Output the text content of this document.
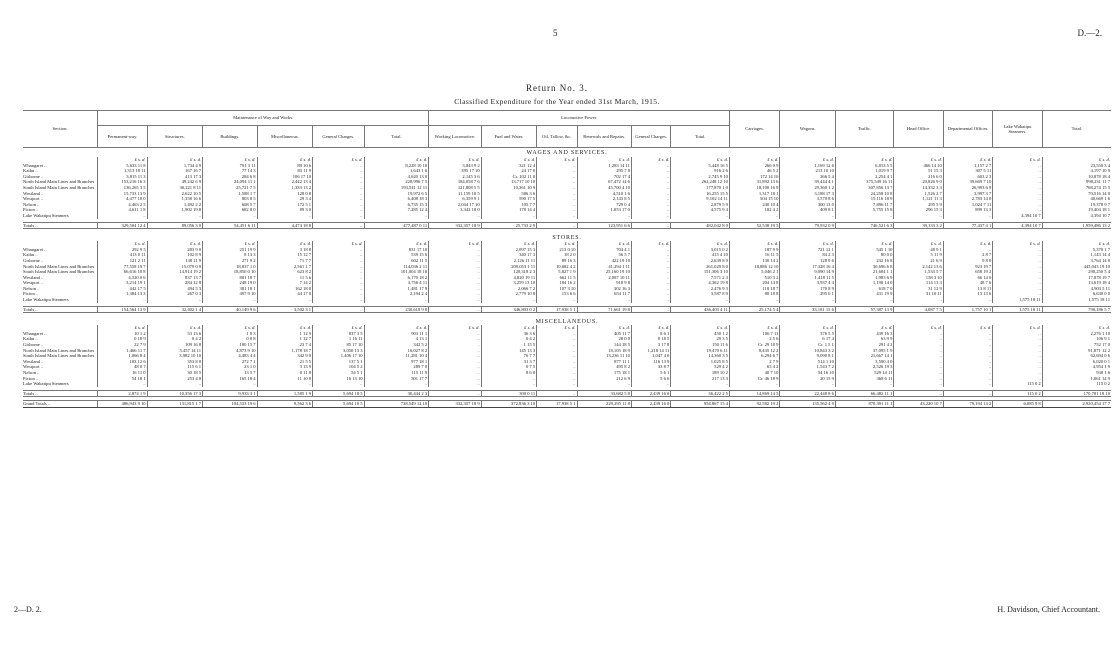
5	D.—2.
Return No. 3.
Classified Expenditure for the Year ended 31st March, 1915.
Section.	Maintenance of Way and Works.						Locomotive Power.						Carriages.	Wagons.	Traffic.	Head Office.	Departmental Offices.	Lake Wakatipu Steamers.	Total.
	Permanent-way.	Structures.	Buildings.	Miscellaneous.	General Charges.	Total.	Working Locomotive.	Fuel and Water.	Oil, Tallow, &c.	Renewals and Repairs.	General Charges.	Total.							
WAGES AND SERVICES.																			
	£ s. d.	£ s. d.	£ s. d.	£ s. d.	£ s. d.	£ s. d.	£ s. d.	£ s. d.	£ s. d.	£ s. d.	£ s. d.	£ s. d.	£ s. d.	£ s. d.	£ s. d.	£ s. d.	£ s. d.	£ s. d.	£ s. d.
Whangarei ..	5,633 11 8	1,734 4 9	791 3 11	89 10 6	..	8,228 10 10	3,843 9 2	321 12 4	..	1,283 14 11	..	5,448 16 5	266 0 9	1,169 12 6	6,813 5 5	466 14 10	1,157 2 7	..	23,550 3 4
Kaihu ..	1,313 18 11	167 16 7	77 14 3	83 11 9	..	1,643 1 6	395 17 10	24 17 0	..	295 7 8	..	916 2 6	46 5 2	213 10 10	1,019 9 7	51 15 3	307 5 11	..	4,197 10 9
Gisborne ..	3,815 11 3	413 17 3	284 6 8	106 17 10	..	4,620 13 0	2,145 3 6	Cr. 102 11 0	..	702 17 4	..	2,745 9 10	172 14 10	266 5 4	2,254 4 1	216 6 0	603 2 3	..	10,878 18 4
North Island Main Lines and Branches	153,216 16 3	49,242 6 9	24,094 11 1	2,442 13 4	..	228,996 7 5	184,058 7 6	13,717 10 10	..	67,472 14 6	..	262,248 12 10	31,892 13 6	39,444 4 1	375,549 16 11	20,826 9 0	39,669 7 10	..	998,231 11 7
South Island Main Lines and Branches	136,265 3 5	30,221 8 11	25,721 7 5	1,333 13 2	..	193,541 12 11	121,808 5 5	10,361 10 9	..	45,700 4 10	..	177,870 1 0	18,100 16 9	29,360 1 2	307,856 13 7	14,332 3 3	26,993 6 9	..	768,274 15 5
Westland ..	15,733 13 9	2,622 10 5	1,588 1 7	128 0 8	..	19,972 6 5	11,159 10 5	586 3 6	..	4,510 1 6	..	16,255 15 5	1,317 18 1	3,188 17 3	24,258 10 8	1,526 2 7	3,997 3 7	..	70,516 14 0
Westport ..	4,477 10 0	1,358 16 6	803 8 5	29 3 4	..	6,408 18 3	6,359 9 1	590 17 5	..	2,143 8 5	..	9,102 14 11	504 15 10	3,570 8 6	15,116 18 9	1,121 11 3	2,783 14 0	..	40,669 1 6
Nelson ..	4,463 2 5	1,492 2 2	608 5 7	172 5 1	..	6,735 15 3	2,044 17 10	105 7 7	..	729 0 4	..	2,879 5 9	240 10 4	300 13 0	7,896 11 7	295 5 9	1,024 7 11	..	19,378 9 7
Picton ..	4,611 1 8	1,902 19 8	682 8 0	89 3 0	..	7,285 12 4	3,342 18 0	178 14 4	..	1,053 17 0	..	4,575 9 4	182 4 2	409 8 1	5,755 15 8	296 15 3	899 13 3	..	19,404 18 1
Lake Wakatipu Steamers	..	..	..	..	..	..	..	..	..	..	..	..	..	..	..	..	..	4,394 10 7	4,394 10 7

Totals ..	329,504 12 4	89,056 3 0	54,451 6 11	4,474 18 8	..	477,487 0 11	332,357 18 9	25,733 2 9	..	123,951 6 6	..	482,042 8 0	52,538 19 5	79,932 0 9	746,521 6 3	39,133 3 2	77,437 4 1	4,394 10 7	1,959,486 13 2

STORES.																			
	£ s. d.	£ s. d.	£ s. d.	£ s. d.	£ s. d.	£ s. d.	£ s. d.	£ s. d.	£ s. d.	£ s. d.	£ s. d.	£ s. d.	£ s. d.	£ s. d.	£ s. d.	£ s. d.	£ s. d.	£ s. d.	£ s. d.
Whangarei ..	292 9 5	283 9 0	251 19 9	3 18 8	..	831 17 10	..	2,097 15 3	213 0 10	704 4 1	..	3,015 0 2	187 9 9	721 12 1	545 1 10	48 9 1	..	..	5,370 1 7
Kaihu ..	413 0 11	102 8 9	8 13 3	15 12 7	..	539 15 6	..	340 17 3	18 2 0	56 5 7	..	415 4 10	16 11 5	84 2 3	80 0 0	5 11 9	2 8 7	..	1,143 14 4
Gisborne ..	121 2 11	138 11 9	271 9 2	71 7 7	..	602 11 5	..	2,126 11 11	89 16 3	422 19 10	..	2,639 8 0	130 14 2	128 9 6	232 16 8	21 6 9	9 8 0	..	3,764 14 8
North Island Main Lines and Branches	77,558 19 7	15,079 0 9	18,837 1 0	2,561 1 7	..	114,036 2 11	..	209,053 1 11	10,682 4 2	41,294 1 11	..	261,029 8 0	18,886 12 10	17,328 16 4	30,696 6 8	2,142 13 6	923 19 7	..	445,043 19 10
South Island Main Lines and Branches	66,616 10 8	14,914 19 2	18,850 0 10	623 8 2	..	101,004 18 10	..	120,318 2 3	5,827 1 9	25,160 19 10	..	151,306 3 10	5,046 2 1	9,090 14 9	21,604 1 1	1,533 5 7	658 19 2	..	290,250 5 4
Westland ..	4,520 0 6	837 13 7	801 18 7	11 5 6	..	6,170 18 2	..	4,820 19 11	662 11 5	2,087 10 11	..	7,571 2 3	510 3 2	1,418 11 5	1,983 6 9	158 3 10	66 14 0	..	17,878 19 7
Westport ..	3,214 19 1	284 12 8	248 19 0	7 14 2	..	3,756 4 11	..	3,259 13 10	184 16 2	918 9 8	..	4,362 19 8	204 14 8	3,937 4 4	1,190 14 0	114 13 3	48 7 6	..	13,619 18 4
Nelson ..	442 17 5	494 5 3	381 18 1	162 18 0	..	1,481 17 9	..	2,066 7 2	107 3 10	302 16 3	..	2,476 9 3	110 18 7	170 8 9	618 7 0	31 12 9	13 8 11	..	4,903 5 11
Picton ..	1,384 13 3	267 0 3	497 9 10	44 17 0	..	2,194 2 4	..	2,779 10 8	153 6 6	654 11 7	..	3,587 8 9	80 18 8	295 6 1	431 19 9	31 10 11	13 13 6	..	6,630 0 0
Lake Wakatipu Steamers	..	..	..	..	..	..	..	..	..	..	..	..	..	..	..	..	..	1,575 18 11	1,575 18 11

Totals ..	154,564 13 9	32,402 1 4	40,149 9 6	3,502 3 1	..	230,618 9 8	..	346,803 0 2	17,938 5 1	71,661 19 8	..	436,403 4 11	25,174 5 4	33,181 15 6	57,387 13 9	4,087 7 5	1,757 10 1	1,575 18 11	790,186 5 7

MISCELLANEOUS.																			
	£ s. d.	£ s. d.	£ s. d.	£ s. d.	£ s. d.	£ s. d.	£ s. d.	£ s. d.	£ s. d.	£ s. d.	£ s. d.	£ s. d.	£ s. d.	£ s. d.	£ s. d.	£ s. d.	£ s. d.	£ s. d.	£ s. d.
Whangarei ..	10 1 2	53 13 6	1 0 3	1 12 9	837 3 5	903 11 1	..	36 3 6	..	405 11 7	8 6 1	450 1 2	106 7 11	376 5 5	439 16 3	..	..	..	2,276 1 10
Kaihu ..	0 18 9	0 4 2	0 0 8	1 12 7	1 16 11	4 13 1	..	0 4 2	..	28 0 0	0 18 5	29 3 5	2 5 6	6 17 4	63 9 9	..	..	..	106 9 1
Gisborne ..	22 7 9	109 16 8	100 15 7	23 7 4	85 17 10	342 5 2	..	1 15 5	..	144 18 5	3 17 8	150 11 6	Cr. 29 18 9	Cr. 1 5 1	291 4 2	..	..	..	752 17 0
North Island Main Lines and Branches	1,466 11 7	5,457 14 11	4,873 9 10	1,178 18 7	3,050 13 3	16,027 8 2	..	145 13 3	..	18,105 18 9	1,218 14 11	19,470 6 11	8,435 12 2	10,843 3 2	37,095 1 9	..	..	..	91,871 12 2
South Island Main Lines and Branches	1,066 8 4	3,982 10 10	4,483 4 4	342 9 0	1,406 17 10	11,281 10 4	..	76 7 7	..	13,236 11 10	1,047 4 0	14,360 3 5	6,294 6 7	9,090 8 1	21,667 14 1	..	..	..	62,694 0 6
Westland ..	103 12 6	353 8 0	272 7 1	21 5 5	137 5 1	977 18 1	..	31 3 7	..	877 11 1	116 13 9	1,025 8 5	2 7 9	514 1 10	3,500 4 0	..	..	..	6,020 0 1
Westport ..	48 0 7	115 6 1	23 1 0	3 13 9	104 5 2	289 7 0	..	0 7 5	..	495 8 2	33 8 7	529 4 2	65 4 2	1,543 7 2	2,526 19 3	..	..	..	4,954 1 9
Nelson ..	16 11 0	30 18 5	13 5 7	0 11 8	54 5 1	115 11 9	..	8 6 0	..	175 18 1	5 6 1	189 10 2	40 7 10	54 16 10	529 14 11	..	..	..	930 1 6
Picton ..	54 10 1	253 4 8	165 18 4	11 10 8	16 13 10	501 17 7	..	..	..	212 6 9	5 6 6	217 13 3	Cr. 46 18 9	20 15 9	368 6 11	..	..	..	1,061 14 9
Lake Wakatipu Steamers	..	..	..	..	..	..	..	..	..	..	..	..	..	..	..	..	..	115 0 2	115 0 2

Totals ..	2,874 1 9	10,356 17 3	9,933 3 1	1,585 1 9	5,694 18 5	30,444 2 3	..	300 0 11	..	33,682 5 8	2,439 16 0	36,422 2 5	14,869 14 5	22,448 8 6	66,482 11 1	..	..	115 0 2	170,781 18 10

Grand Totals ..	486,943 9 10	131,815 1 7	104,533 19 6	9,562 3 6	5,694 18 5	738,549 12 10	332,357 18 9	372,836 3 10	17,938 5 1	229,295 11 8	2,439 16 0	954,867 15 4	92,582 19 2	135,562 4 9	870,391 11 1	43,220 10 7	79,194 14 2	6,085 9 8	2,920,454 17 7
2—D. 2.	H. Davidson, Chief Accountant.
